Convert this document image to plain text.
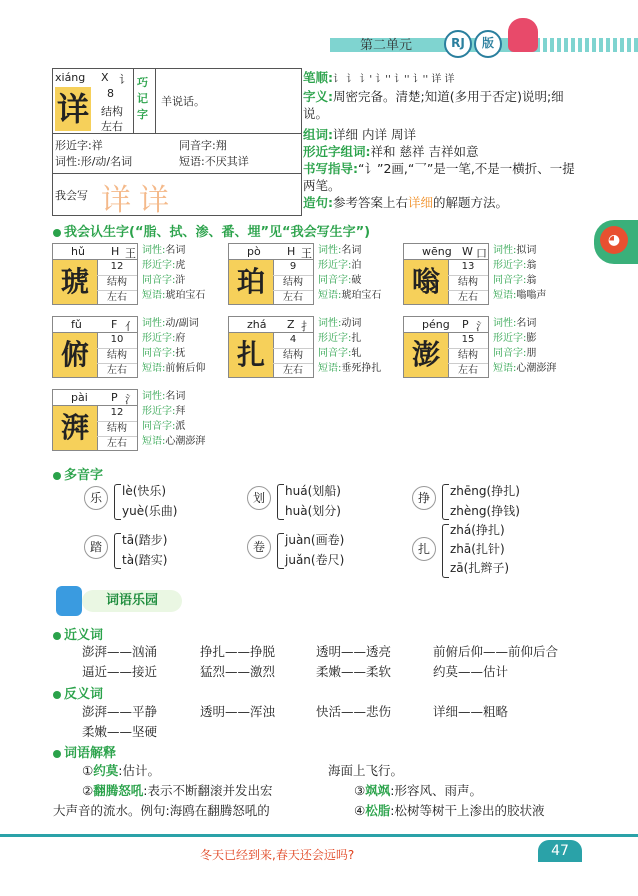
第二单元	RJ	版
◕
xiáng X 讠
详 8
结构
左右
巧
记
字
羊说话。
形近字:祥	同音字:翔
词性:形/动/名词	短语:不厌其详
我会写 详 详
笔顺:讠 讠 讠' 讠'' 讠'' 讠'' 详 详
字义:周密完备。清楚;知道(多用于否定)说明;细说。
组词:详细 内详 周详
形近字组词:祥和 慈祥 吉祥如意
书写指导:“讠”2画,“乛”是一笔,不是一横折、一提两笔。
造句:参考答案上右详细的解题方法。
我会认生字(“脂、拭、渗、番、埋”见“我会写生字”)
hǔ H 王
琥	12
结构
左右
词性:名词
形近字:虎
同音字:浒
短语:琥珀宝石
pò H 王
珀	9
结构
左右
词性:名词
形近字:泊
同音字:破
短语:琥珀宝石
wēng W 口
嗡	13
结构
左右
词性:拟词
形近字:翁
同音字:翁
短语:嗡嗡声
fǔ	F 亻
俯	10
结构
左右
词性:动/副词
形近字:府
同音字:抚
短语:前俯后仰
zhá Z 扌
扎	4
结构
左右
词性:动词
形近字:扎
同音字:轧
短语:垂死挣扎
péng P 氵
澎	15
结构
左右
词性:名词
形近字:膨
同音字:朋
短语:心潮澎湃
pài P 氵
湃	12
结构
左右
词性:名词
形近字:拜
同音字:派
短语:心潮澎湃
多音字
乐	lè(快乐)
yuè(乐曲)
踏	tā(踏步)
tà(踏实)
划	huá(划船)
huà(划分)
卷	juàn(画卷)
juǎn(卷尺)
挣	zhēng(挣扎)
zhèng(挣钱)
扎
zhá(挣扎)
zhā(扎针)
zā(扎辫子)
词语乐园
近义词
澎湃——汹涌	挣扎——挣脱	透明——透亮	前俯后仰——前仰后合
逼近——接近	猛烈——激烈	柔嫩——柔软	约莫——估计
反义词
澎湃——平静	透明——浑浊	快活——悲伤	详细——粗略
柔嫩——坚硬
词语解释
①约莫:估计。	海面上飞行。
②翻腾怒吼:表示不断翻滚并发出宏	③飒飒:形容风、雨声。
大声音的流水。例句:海鸥在翻腾怒吼的	④松脂:松树等树干上渗出的胶状液
冬天已经到来,春天还会远吗?	47
